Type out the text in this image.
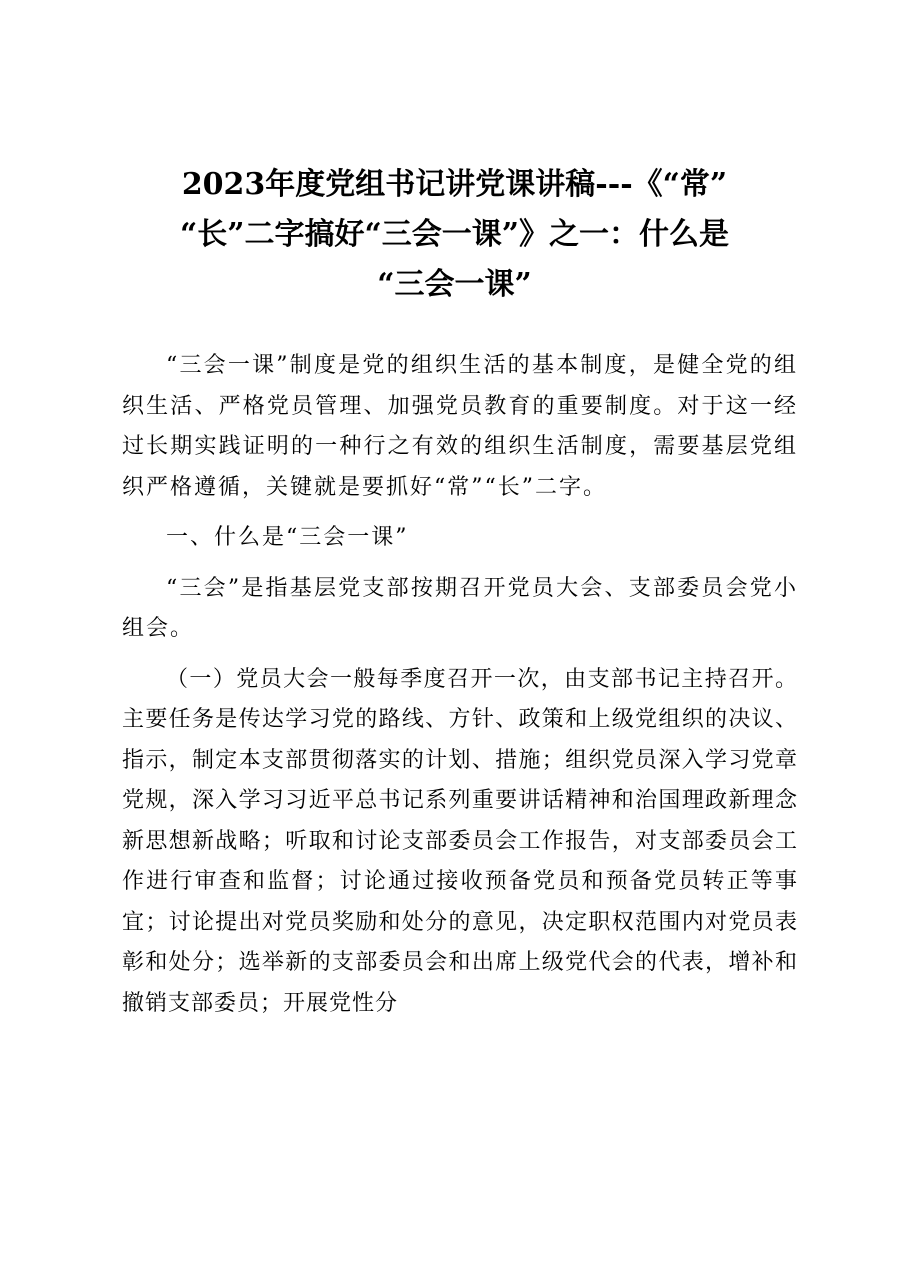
2023年度党组书记讲党课讲稿---《“常”
“长”二字搞好“三会一课”》之一：什么是
“三会一课”

“三会一课”制度是党的组织生活的基本制度，是健全党的组织生活、严格党员管理、加强党员教育的重要制度。对于这一经过长期实践证明的一种行之有效的组织生活制度，需要基层党组织严格遵循，关键就是要抓好“常”“长”二字。

一、什么是“三会一课”

“三会”是指基层党支部按期召开党员大会、支部委员会党小组会。

（一）党员大会一般每季度召开一次，由支部书记主持召开。主要任务是传达学习党的路线、方针、政策和上级党组织的决议、指示，制定本支部贯彻落实的计划、措施；组织党员深入学习党章党规，深入学习习近平总书记系列重要讲话精神和治国理政新理念新思想新战略；听取和讨论支部委员会工作报告，对支部委员会工作进行审查和监督；讨论通过接收预备党员和预备党员转正等事宜；讨论提出对党员奖励和处分的意见，决定职权范围内对党员表彰和处分；选举新的支部委员会和出席上级党代会的代表，增补和撤销支部委员；开展党性分
